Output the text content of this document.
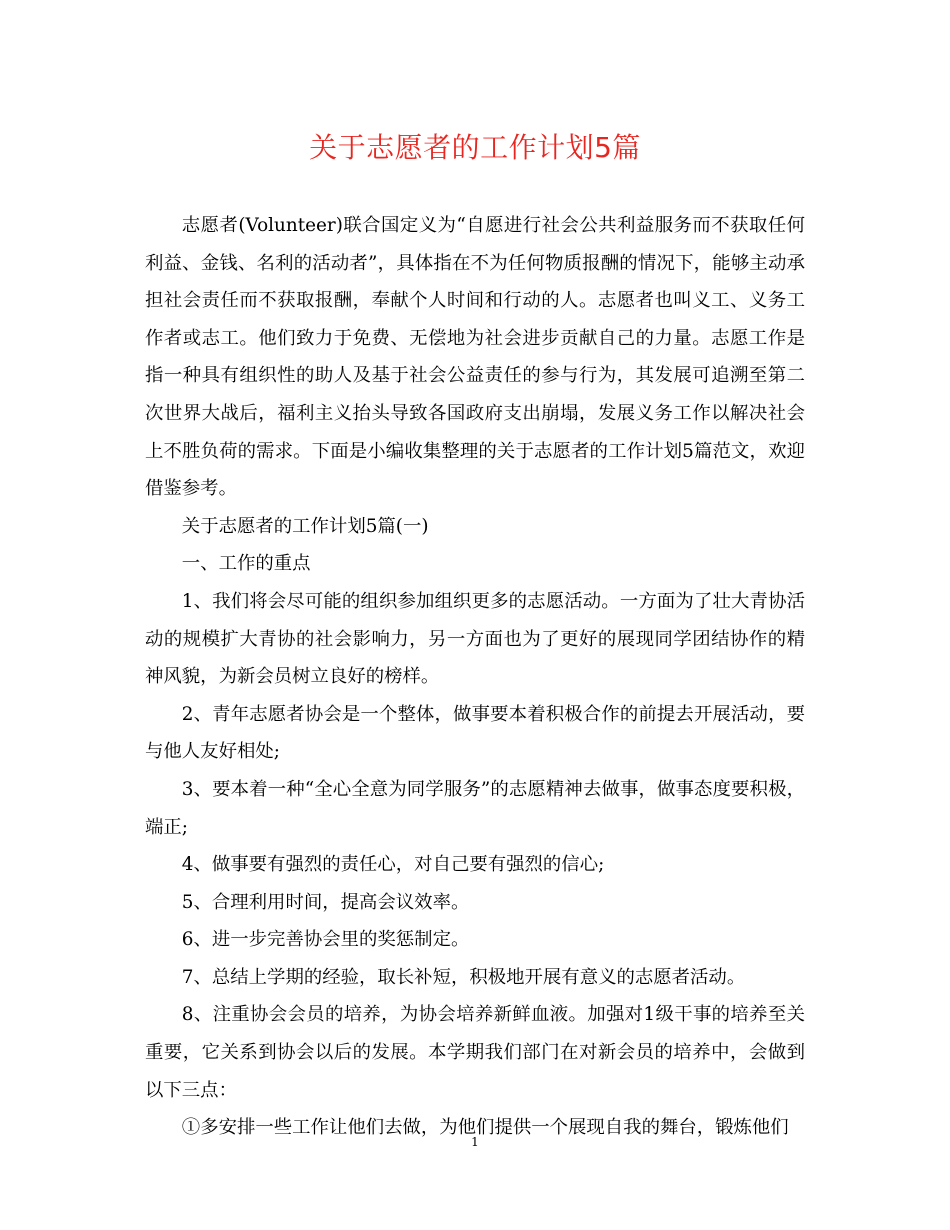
关于志愿者的工作计划5篇

志愿者(Volunteer)联合国定义为“自愿进行社会公共利益服务而不获取任何利益、金钱、名利的活动者”，具体指在不为任何物质报酬的情况下，能够主动承担社会责任而不获取报酬，奉献个人时间和行动的人。志愿者也叫义工、义务工作者或志工。他们致力于免费、无偿地为社会进步贡献自己的力量。志愿工作是指一种具有组织性的助人及基于社会公益责任的参与行为，其发展可追溯至第二次世界大战后，福利主义抬头导致各国政府支出崩塌，发展义务工作以解决社会上不胜负荷的需求。下面是小编收集整理的关于志愿者的工作计划5篇范文，欢迎借鉴参考。

关于志愿者的工作计划5篇(一)

一、工作的重点

1、我们将会尽可能的组织参加组织更多的志愿活动。一方面为了壮大青协活动的规模扩大青协的社会影响力，另一方面也为了更好的展现同学团结协作的精神风貌，为新会员树立良好的榜样。

2、青年志愿者协会是一个整体，做事要本着积极合作的前提去开展活动，要与他人友好相处;

3、要本着一种“全心全意为同学服务”的志愿精神去做事，做事态度要积极，端正;

4、做事要有强烈的责任心，对自己要有强烈的信心;

5、合理利用时间，提高会议效率。

6、进一步完善协会里的奖惩制定。

7、总结上学期的经验，取长补短，积极地开展有意义的志愿者活动。

8、注重协会会员的培养，为协会培养新鲜血液。加强对1级干事的培养至关重要，它关系到协会以后的发展。本学期我们部门在对新会员的培养中，会做到以下三点：

①多安排一些工作让他们去做，为他们提供一个展现自我的舞台，锻炼他们

1
